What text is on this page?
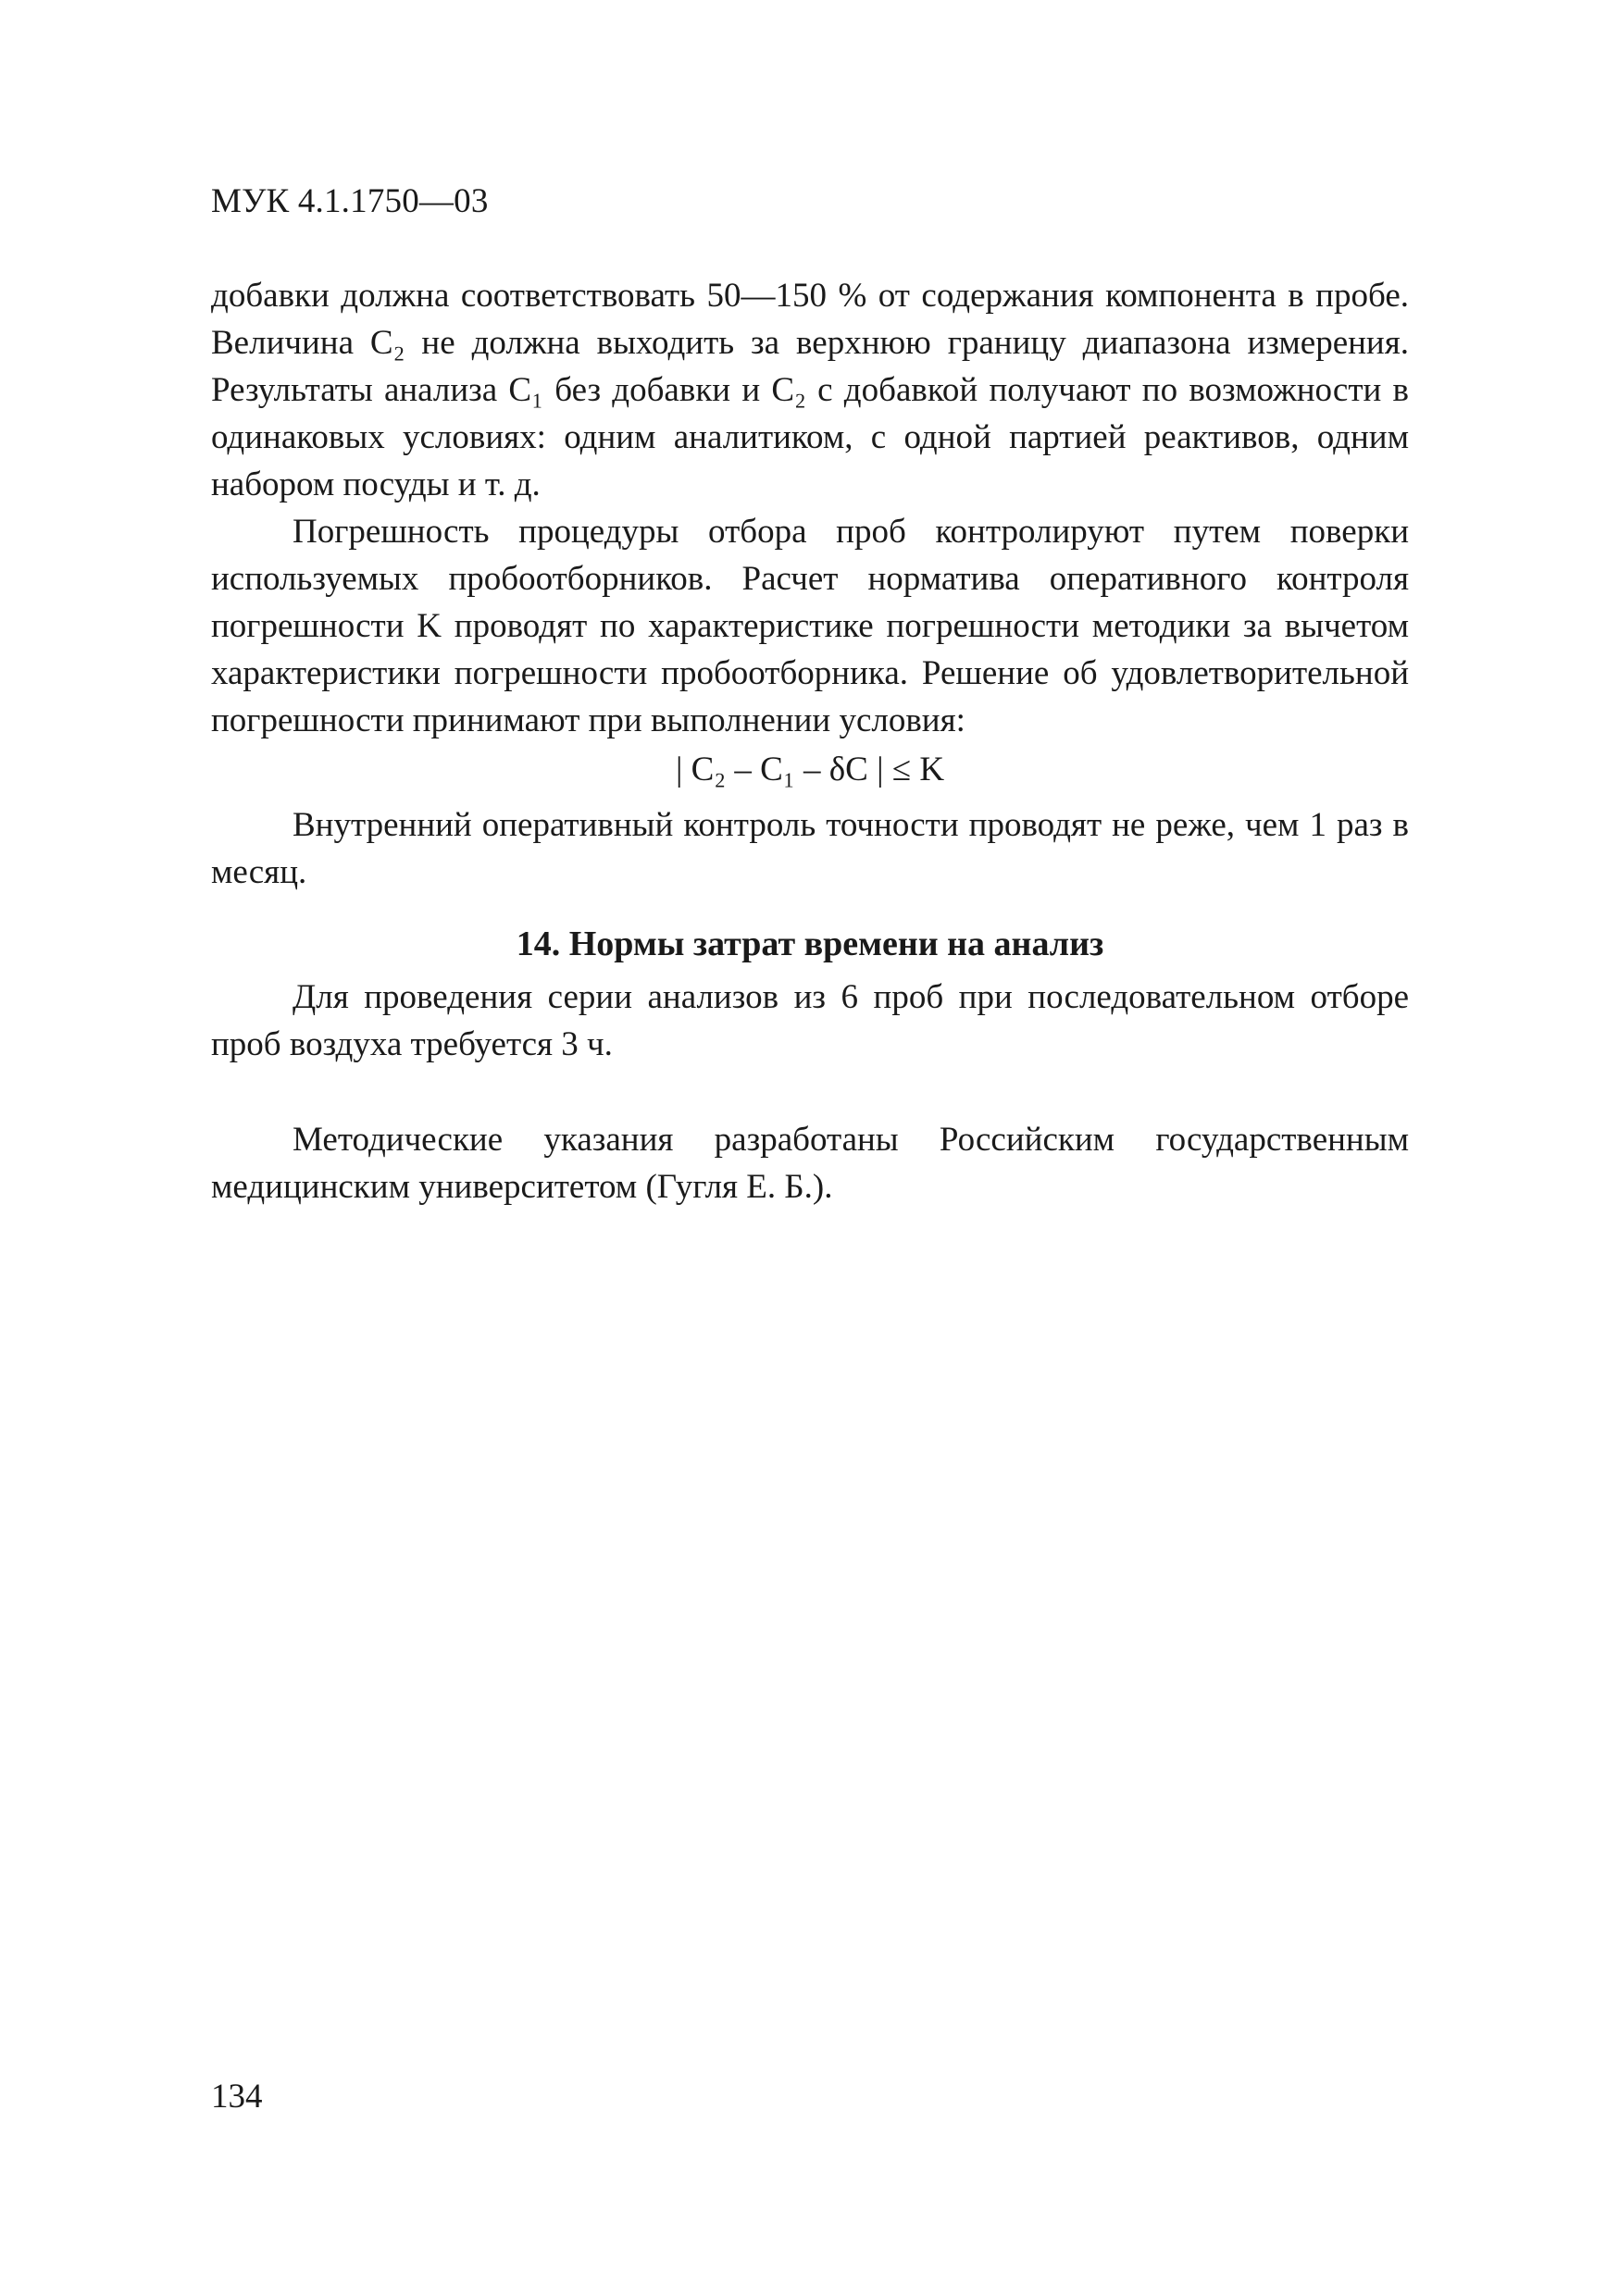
МУК 4.1.1750—03

добавки должна соответствовать 50—150 % от содержания компонента в пробе. Величина C₂ не должна выходить за верхнюю границу диапазона измерения. Результаты анализа C₁ без добавки и C₂ с добавкой получают по возможности в одинаковых условиях: одним аналитиком, с одной партией реактивов, одним набором посуды и т. д.

Погрешность процедуры отбора проб контролируют путем поверки используемых пробоотборников. Расчет норматива оперативного контроля погрешности K проводят по характеристике погрешности методики за вычетом характеристики погрешности пробоотборника. Решение об удовлетворительной погрешности принимают при выполнении условия:

| C₂ – C₁ – δC | ≤ K

Внутренний оперативный контроль точности проводят не реже, чем 1 раз в месяц.

14. Нормы затрат времени на анализ

Для проведения серии анализов из 6 проб при последовательном отборе проб воздуха требуется 3 ч.

Методические указания разработаны Российским государственным медицинским университетом (Гугля Е. Б.).

134
